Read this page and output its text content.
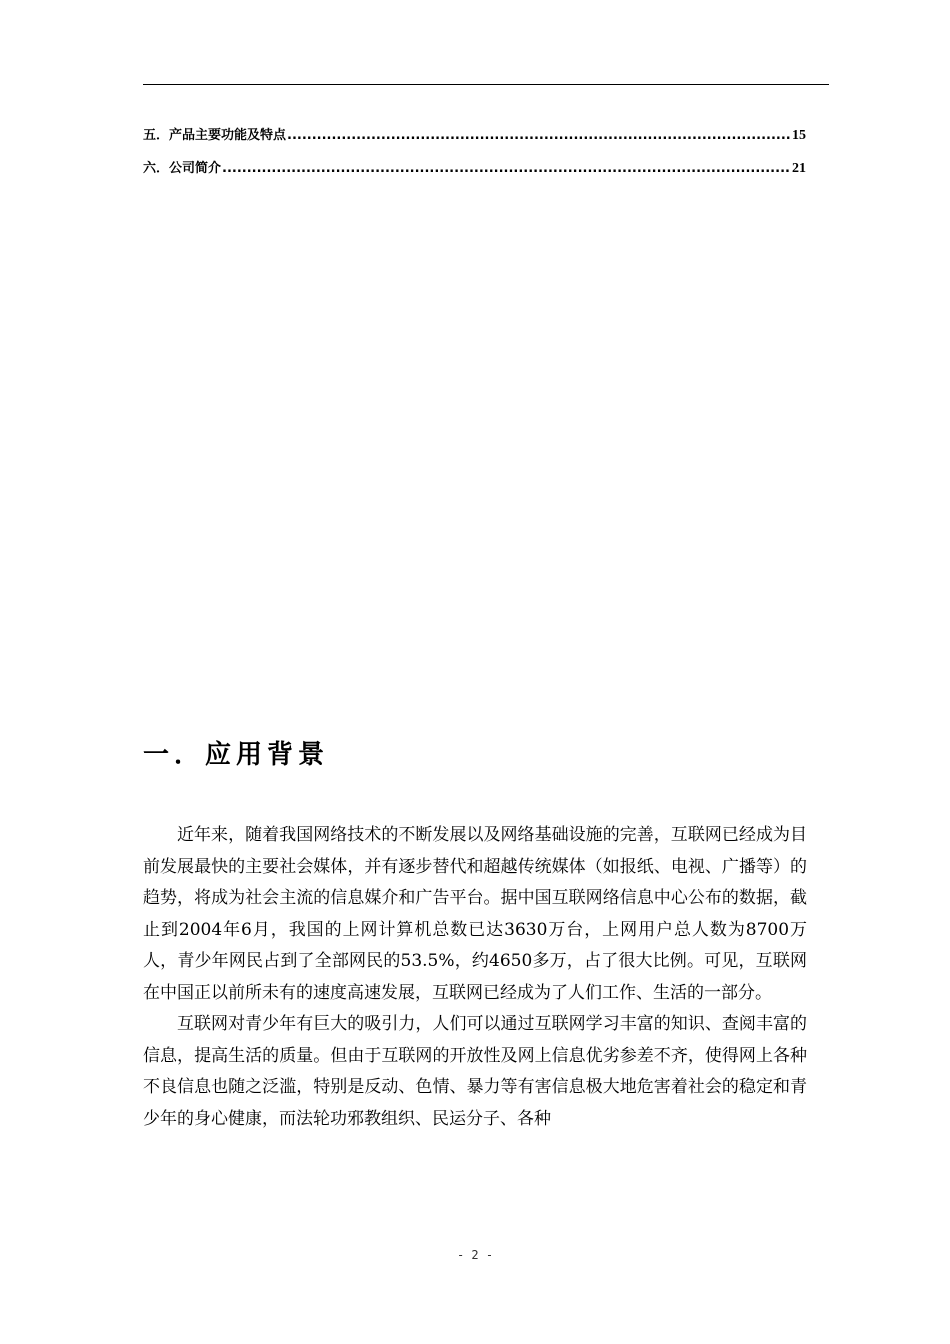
五．产品主要功能及特点 .....	15
六．公司简介 .....	21
一．应用背景

近年来，随着我国网络技术的不断发展以及网络基础设施的完善，互联网已经成为目前发展最快的主要社会媒体，并有逐步替代和超越传统媒体（如报纸、电视、广播等）的趋势，将成为社会主流的信息媒介和广告平台。据中国互联网络信息中心公布的数据，截止到2004年6月，我国的上网计算机总数已达3630万台，上网用户总人数为8700万人，青少年网民占到了全部网民的53.5%，约4650多万，占了很大比例。可见，互联网在中国正以前所未有的速度高速发展，互联网已经成为了人们工作、生活的一部分。

互联网对青少年有巨大的吸引力，人们可以通过互联网学习丰富的知识、查阅丰富的信息，提高生活的质量。但由于互联网的开放性及网上信息优劣参差不齐，使得网上各种不良信息也随之泛滥，特别是反动、色情、暴力等有害信息极大地危害着社会的稳定和青少年的身心健康，而法轮功邪教组织、民运分子、各种

- 2 -
